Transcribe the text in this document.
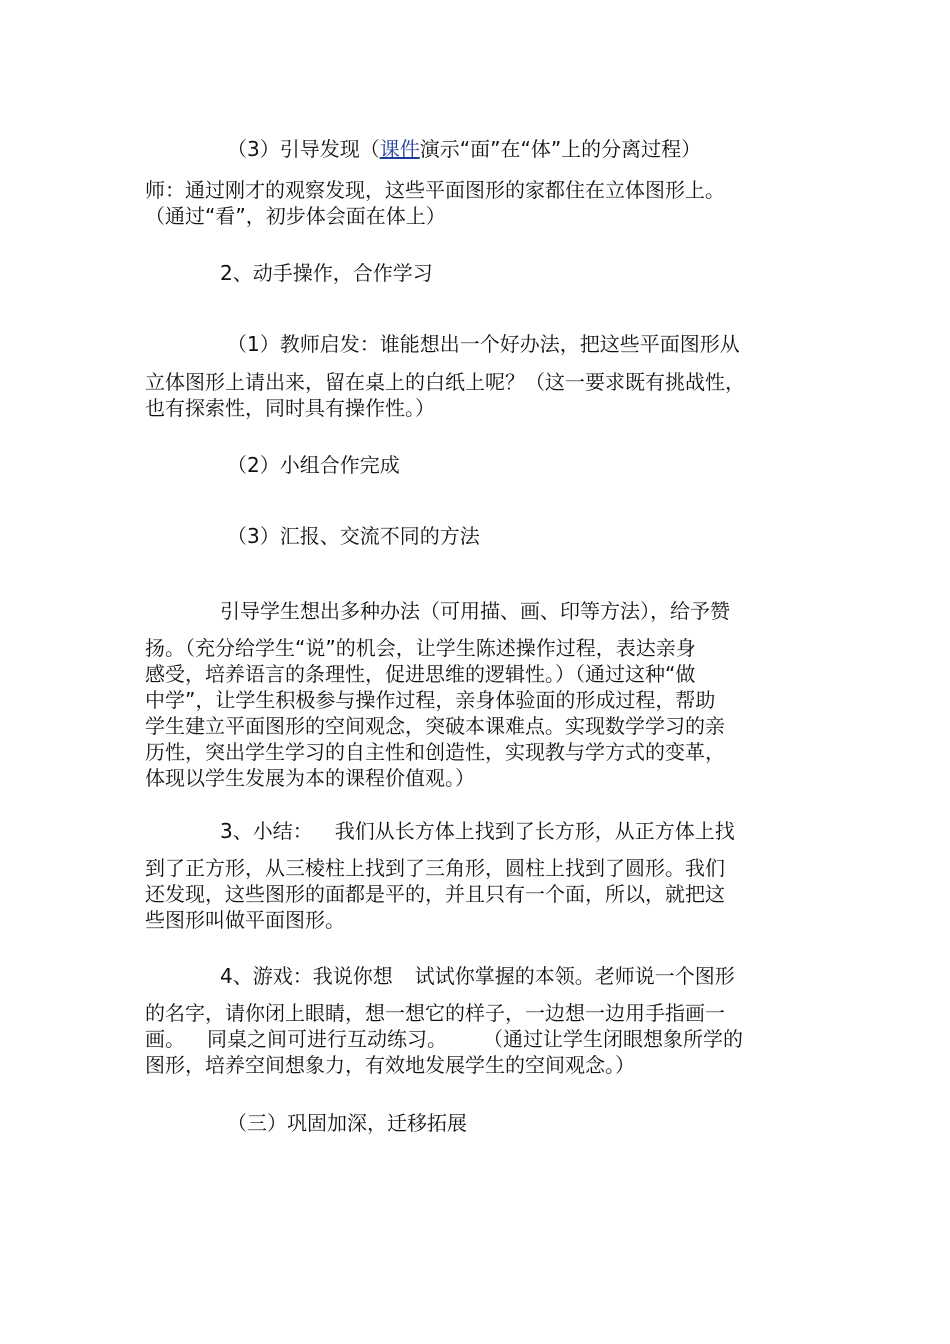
（3）引导发现（课件演示“面”在“体”上的分离过程）

师：通过刚才的观察发现，这些平面图形的家都住在立体图形上。
（通过“看”，初步体会面在体上）

2、动手操作，合作学习

（1）教师启发：谁能想出一个好办法，把这些平面图形从
立体图形上请出来，留在桌上的白纸上呢？（这一要求既有挑战性，
也有探索性，同时具有操作性。）

（2）小组合作完成

（3）汇报、交流不同的方法

引导学生想出多种办法（可用描、画、印等方法），给予赞
扬。（充分给学生“说”的机会，让学生陈述操作过程，表达亲身
感受，培养语言的条理性，促进思维的逻辑性。）（通过这种“做
中学”，让学生积极参与操作过程，亲身体验面的形成过程，帮助
学生建立平面图形的空间观念，突破本课难点。实现数学学习的亲
历性，突出学生学习的自主性和创造性，实现教与学方式的变革，
体现以学生发展为本的课程价值观。）

3、小结： 我们从长方体上找到了长方形，从正方体上找
到了正方形，从三棱柱上找到了三角形，圆柱上找到了圆形。我们
还发现，这些图形的面都是平的，并且只有一个面，所以，就把这
些图形叫做平面图形。

4、游戏：我说你想 试试你掌握的本领。老师说一个图形
的名字，请你闭上眼睛，想一想它的样子，一边想一边用手指画一
画。 同桌之间可进行互动练习。 （通过让学生闭眼想象所学的
图形，培养空间想象力，有效地发展学生的空间观念。）

（三）巩固加深，迁移拓展
